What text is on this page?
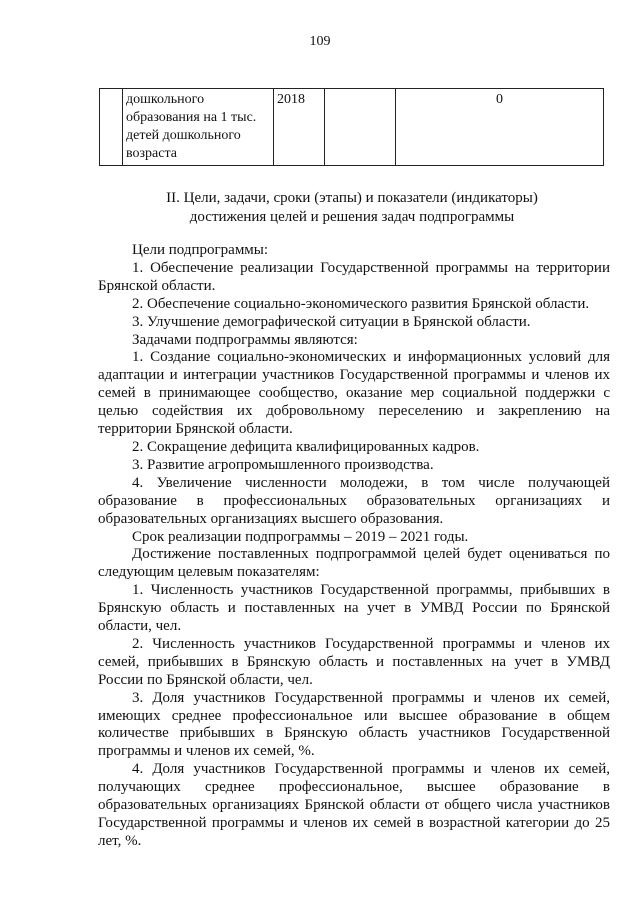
109

дошкольного
образования на 1 тыс.
детей дошкольного
возраста
	2018		0
II. Цели, задачи, сроки (этапы) и показатели (индикаторы)
достижения целей и решения задач подпрограммы

Цели подпрограммы:

1. Обеспечение реализации Государственной программы на территории Брянской области.

2. Обеспечение социально-экономического развития Брянской области.

3. Улучшение демографической ситуации в Брянской области.

Задачами подпрограммы являются:

1. Создание социально-экономических и информационных условий для адаптации и интеграции участников Государственной программы и членов их семей в принимающее сообщество, оказание мер социальной поддержки с целью содействия их добровольному переселению и закреплению на территории Брянской области.

2. Сокращение дефицита квалифицированных кадров.

3. Развитие агропромышленного производства.

4. Увеличение численности молодежи, в том числе получающей образование в профессиональных образовательных организациях и образовательных организациях высшего образования.

Срок реализации подпрограммы – 2019 – 2021 годы.

Достижение поставленных подпрограммой целей будет оцениваться по следующим целевым показателям:

1. Численность участников Государственной программы, прибывших в Брянскую область и поставленных на учет в УМВД России по Брянской области, чел.

2. Численность участников Государственной программы и членов их семей, прибывших в Брянскую область и поставленных на учет в УМВД России по Брянской области, чел.

3. Доля участников Государственной программы и членов их семей, имеющих среднее профессиональное или высшее образование в общем количестве прибывших в Брянскую область участников Государственной программы и членов их семей, %.

4. Доля участников Государственной программы и членов их семей, получающих среднее профессиональное, высшее образование в образовательных организациях Брянской области от общего числа участников Государственной программы и членов их семей в возрастной категории до 25 лет, %.
